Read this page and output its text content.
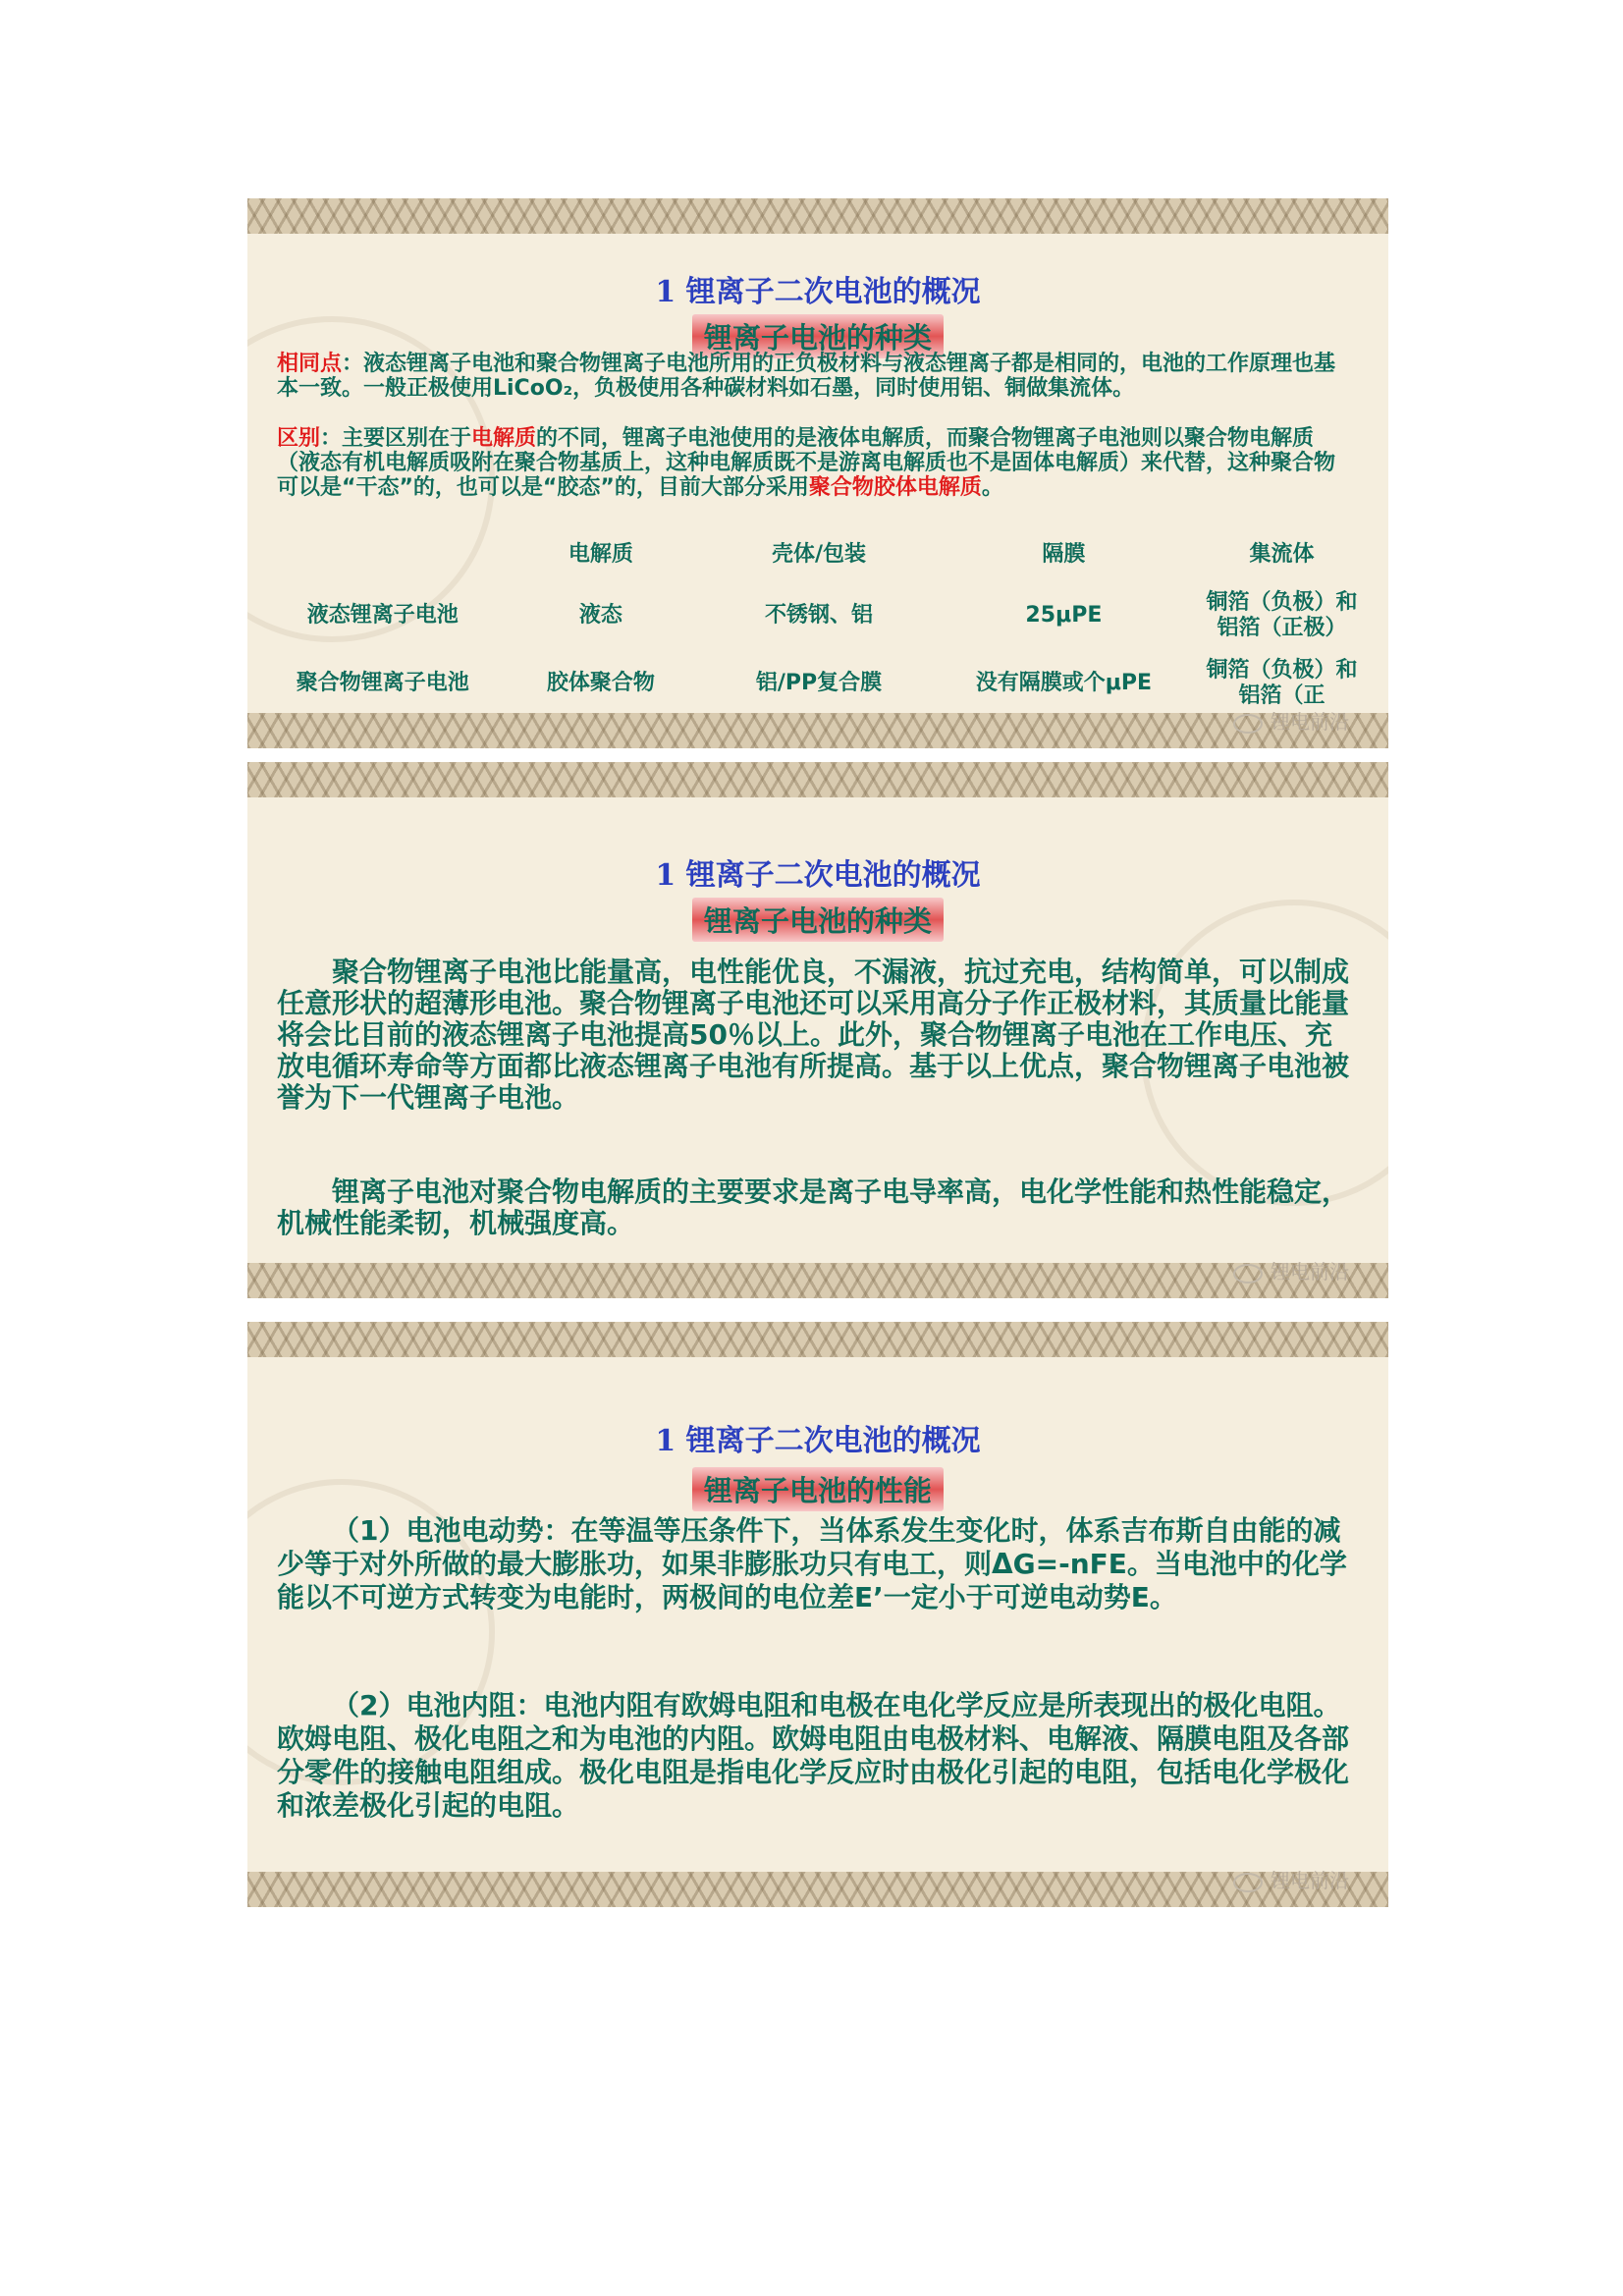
1 锂离子二次电池的概况
锂离子电池的种类
相同点：液态锂离子电池和聚合物锂离子电池所用的正负极材料与液态锂离子都是相同的，电池的工作原理也基本一致。一般正极使用LiCoO₂，负极使用各种碳材料如石墨，同时使用铝、铜做集流体。
区别：主要区别在于电解质的不同，锂离子电池使用的是液体电解质，而聚合物锂离子电池则以聚合物电解质（液态有机电解质吸附在聚合物基质上，这种电解质既不是游离电解质也不是固体电解质）来代替，这种聚合物可以是“干态”的，也可以是“胶态”的，目前大部分采用聚合物胶体电解质。
	电解质	壳体/包装	隔膜	集流体
液态锂离子电池	液态	不锈钢、铝	25μPE	铜箔（负极）和铝箔（正极）
聚合物锂离子电池	胶体聚合物	铝/PP复合膜	没有隔膜或个μPE	铜箔（负极）和铝箔（正
锂电前沿
1 锂离子二次电池的概况
锂离子电池的种类
聚合物锂离子电池比能量高，电性能优良，不漏液，抗过充电，结构简单，可以制成任意形状的超薄形电池。聚合物锂离子电池还可以采用高分子作正极材料，其质量比能量将会比目前的液态锂离子电池提高50％以上。此外，聚合物锂离子电池在工作电压、充放电循环寿命等方面都比液态锂离子电池有所提高。基于以上优点，聚合物锂离子电池被誉为下一代锂离子电池。
锂离子电池对聚合物电解质的主要要求是离子电导率高，电化学性能和热性能稳定，机械性能柔韧，机械强度高。
锂电前沿
1 锂离子二次电池的概况
锂离子电池的性能
（1）电池电动势：在等温等压条件下，当体系发生变化时，体系吉布斯自由能的减少等于对外所做的最大膨胀功，如果非膨胀功只有电工，则ΔG=-nFE。当电池中的化学能以不可逆方式转变为电能时，两极间的电位差E’一定小于可逆电动势E。
（2）电池内阻：电池内阻有欧姆电阻和电极在电化学反应是所表现出的极化电阻。欧姆电阻、极化电阻之和为电池的内阻。欧姆电阻由电极材料、电解液、隔膜电阻及各部分零件的接触电阻组成。极化电阻是指电化学反应时由极化引起的电阻，包括电化学极化和浓差极化引起的电阻。
锂电前沿
